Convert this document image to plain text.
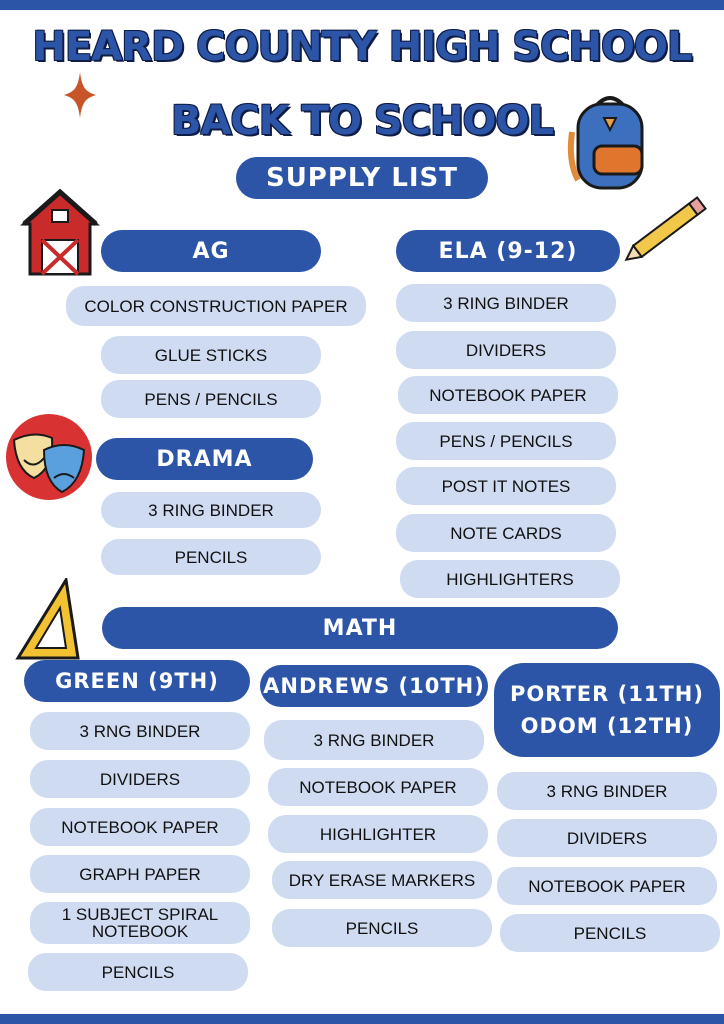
HEARD COUNTY HIGH SCHOOL
BACK TO SCHOOL
SUPPLY LIST
AG
COLOR CONSTRUCTION PAPER
GLUE STICKS
PENS / PENCILS
DRAMA
3 RING BINDER
PENCILS
ELA (9-12)
3 RING BINDER
DIVIDERS
NOTEBOOK PAPER
PENS / PENCILS
POST IT NOTES
NOTE CARDS
HIGHLIGHTERS
MATH
GREEN (9TH)
3 RNG BINDER
DIVIDERS
NOTEBOOK PAPER
GRAPH PAPER
1 SUBJECT SPIRAL NOTEBOOK
PENCILS
ANDREWS (10TH)
3 RNG BINDER
NOTEBOOK PAPER
HIGHLIGHTER
DRY ERASE MARKERS
PENCILS
PORTER (11TH)
ODOM (12TH)
3 RNG BINDER
DIVIDERS
NOTEBOOK PAPER
PENCILS
